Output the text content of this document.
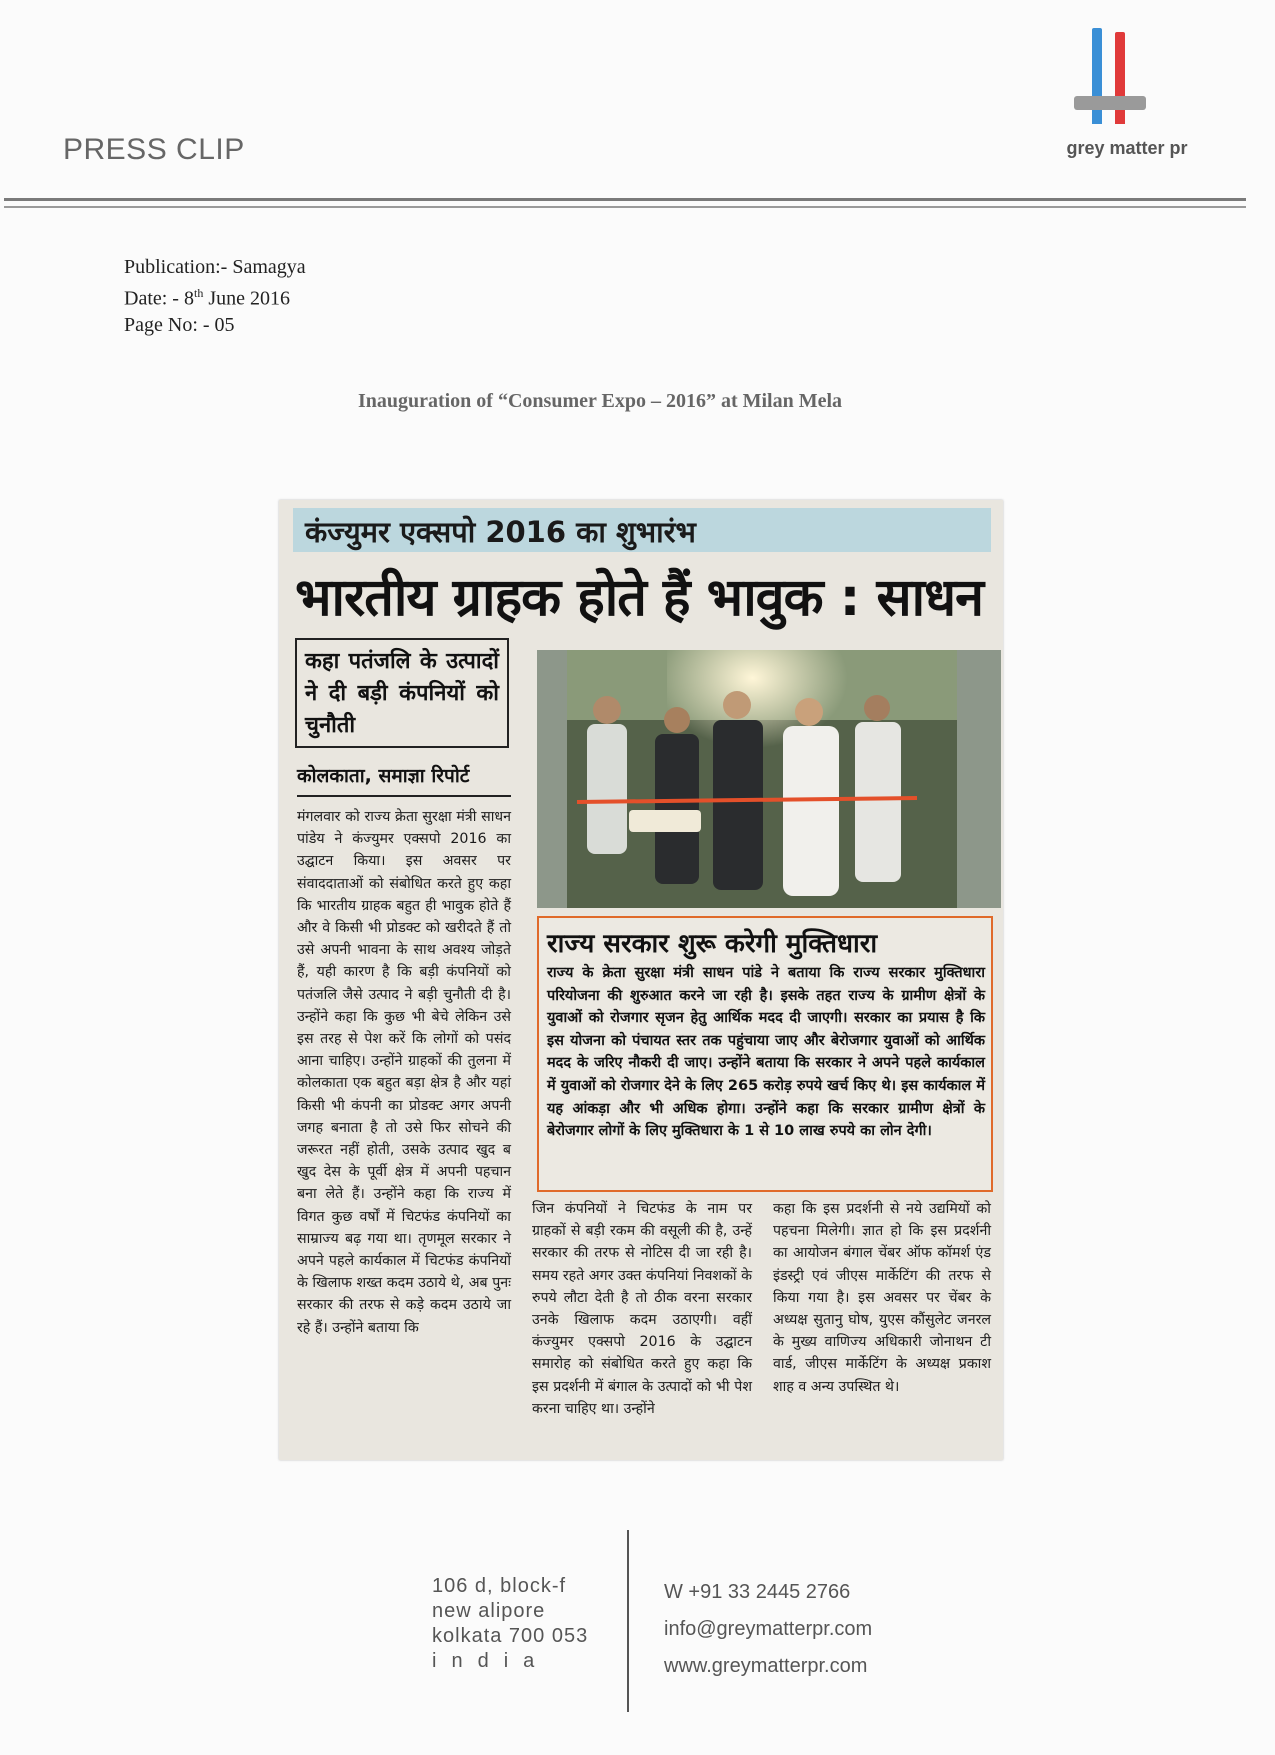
PRESS CLIP	grey matter pr
Publication:- Samagya
Date: - 8th June 2016
Page No: - 05
Inauguration of “Consumer Expo – 2016” at Milan Mela
कंज्युमर एक्सपो 2016 का शुभारंभ
भारतीय ग्राहक होते हैं भावुक : साधन
कहा पतंजलि के उत्पादों ने दी बड़ी कंपनियों को चुनौती
कोलकाता, समाज्ञा रिपोर्ट
मंगलवार को राज्य क्रेता सुरक्षा मंत्री साधन पांडेय ने कंज्युमर एक्सपो 2016 का उद्घाटन किया। इस अवसर पर संवाददाताओं को संबोधित करते हुए कहा कि भारतीय ग्राहक बहुत ही भावुक होते हैं और वे किसी भी प्रोडक्ट को खरीदते हैं तो उसे अपनी भावना के साथ अवश्य जोड़ते हैं, यही कारण है कि बड़ी कंपनियों को पतंजलि जैसे उत्पाद ने बड़ी चुनौती दी है। उन्होंने कहा कि कुछ भी बेचे लेकिन उसे इस तरह से पेश करें कि लोगों को पसंद आना चाहिए। उन्होंने ग्राहकों की तुलना में कोलकाता एक बहुत बड़ा क्षेत्र है और यहां किसी भी कंपनी का प्रोडक्ट अगर अपनी जगह बनाता है तो उसे फिर सोचने की जरूरत नहीं होती, उसके उत्पाद खुद ब खुद देस के पूर्वी क्षेत्र में अपनी पहचान बना लेते हैं। उन्होंने कहा कि राज्य में विगत कुछ वर्षों में चिटफंड कंपनियों का साम्राज्य बढ़ गया था। तृणमूल सरकार ने अपने पहले कार्यकाल में चिटफंड कंपनियों के खिलाफ शख्त कदम उठाये थे, अब पुनः सरकार की तरफ से कड़े कदम उठाये जा रहे हैं। उन्होंने बताया कि
राज्य सरकार शुरू करेगी मुक्तिधारा
राज्य के क्रेता सुरक्षा मंत्री साधन पांडे ने बताया कि राज्य सरकार मुक्तिधारा परियोजना की शुरुआत करने जा रही है। इसके तहत राज्य के ग्रामीण क्षेत्रों के युवाओं को रोजगार सृजन हेतु आर्थिक मदद दी जाएगी। सरकार का प्रयास है कि इस योजना को पंचायत स्तर तक पहुंचाया जाए और बेरोजगार युवाओं को आर्थिक मदद के जरिए नौकरी दी जाए। उन्होंने बताया कि सरकार ने अपने पहले कार्यकाल में युवाओं को रोजगार देने के लिए 265 करोड़ रुपये खर्च किए थे। इस कार्यकाल में यह आंकड़ा और भी अधिक होगा। उन्होंने कहा कि सरकार ग्रामीण क्षेत्रों के बेरोजगार लोगों के लिए मुक्तिधारा के 1 से 10 लाख रुपये का लोन देगी।
जिन कंपनियों ने चिटफंड के नाम पर ग्राहकों से बड़ी रकम की वसूली की है, उन्हें सरकार की तरफ से नोटिस दी जा रही है। समय रहते अगर उक्त कंपनियां निवशकों के रुपये लौटा देती है तो ठीक वरना सरकार उनके खिलाफ कदम उठाएगी। वहीं कंज्युमर एक्सपो 2016 के उद्घाटन समारोह को संबोधित करते हुए कहा कि इस प्रदर्शनी में बंगाल के उत्पादों को भी पेश करना चाहिए था। उन्होंने
कहा कि इस प्रदर्शनी से नये उद्यमियों को पहचना मिलेगी। ज्ञात हो कि इस प्रदर्शनी का आयोजन बंगाल चेंबर ऑफ कॉमर्श एंड इंडस्ट्री एवं जीएस मार्केटिंग की तरफ से किया गया है। इस अवसर पर चेंबर के अध्यक्ष सुतानु घोष, युएस कौंसुलेट जनरल के मुख्य वाणिज्य अधिकारी जोनाथन टी वार्ड, जीएस मार्केटिंग के अध्यक्ष प्रकाश शाह व अन्य उपस्थित थे।
106 d, block-f
new alipore
kolkata 700 053
india
W +91 33 2445 2766
info@greymatterpr.com
www.greymatterpr.com
